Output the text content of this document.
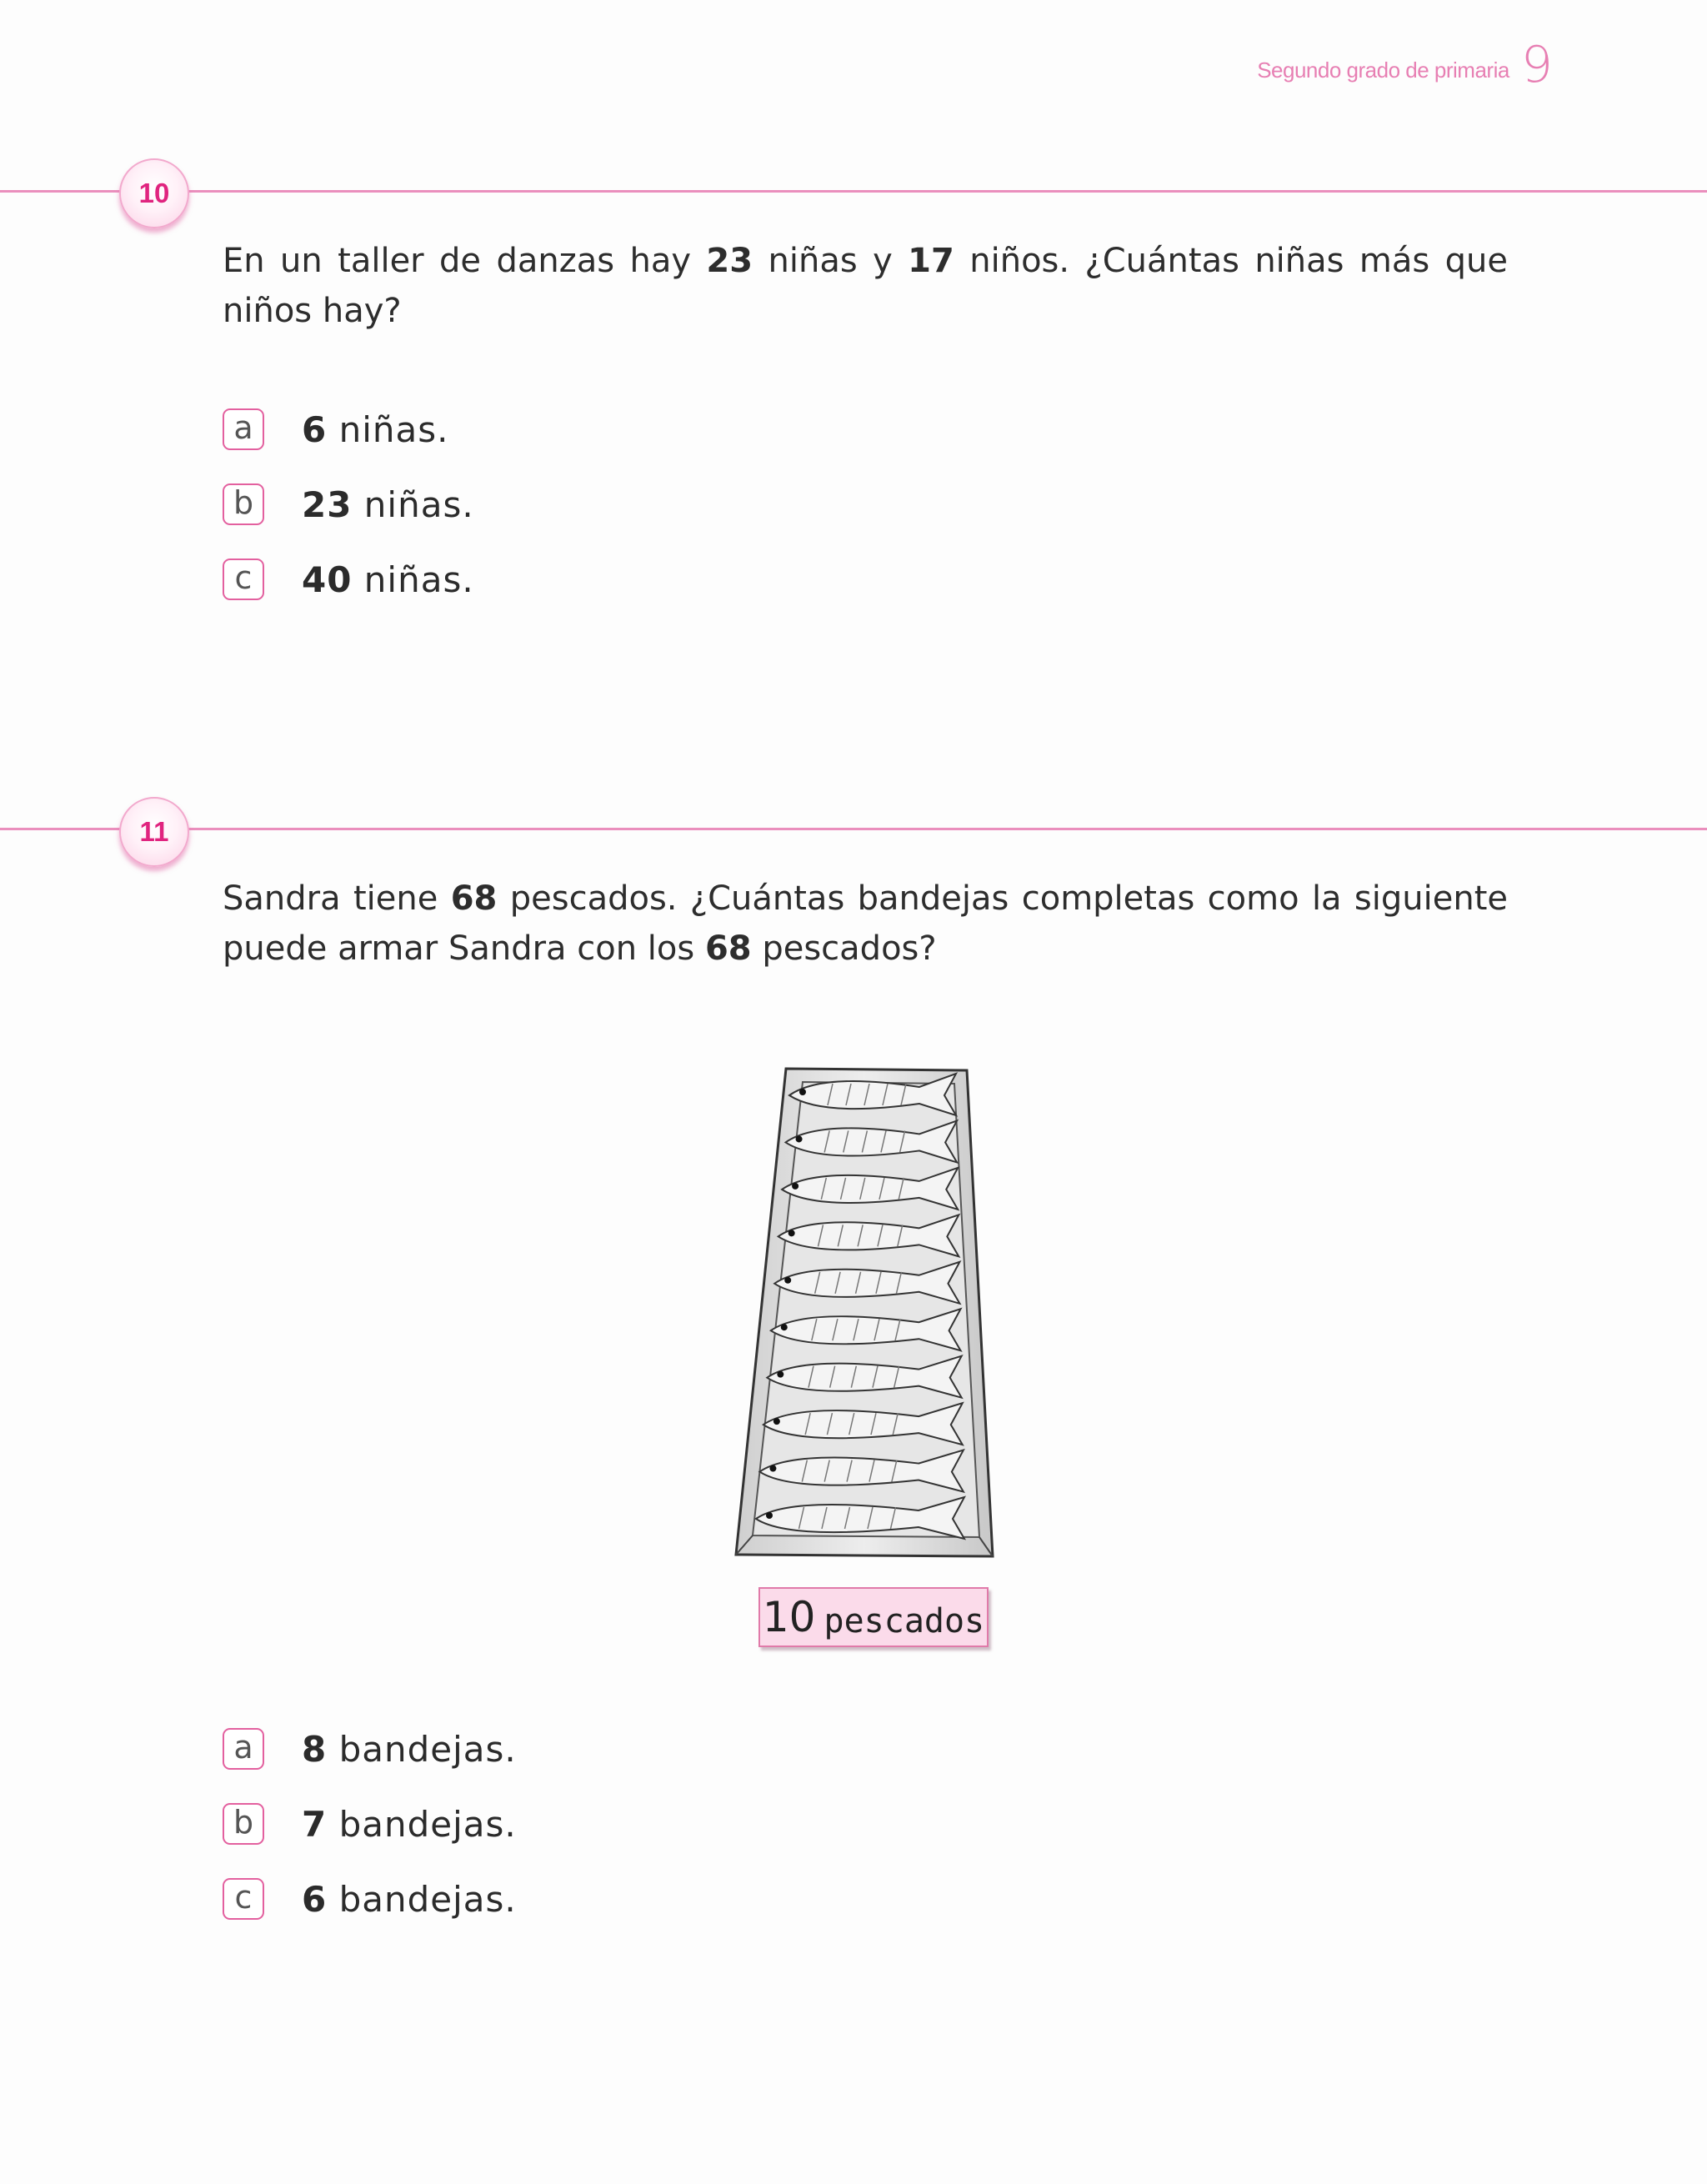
Segundo grado de primaria 9
10
En un taller de danzas hay 23 niñas y 17 niños. ¿Cuántas niñas más que niños hay?
a	6 niñas.
b	23 niñas.
c	40 niñas.
11
Sandra tiene 68 pescados. ¿Cuántas bandejas completas como la siguiente puede armar Sandra con los 68 pescados?
10 pescados
a	8 bandejas.
b	7 bandejas.
c	6 bandejas.
